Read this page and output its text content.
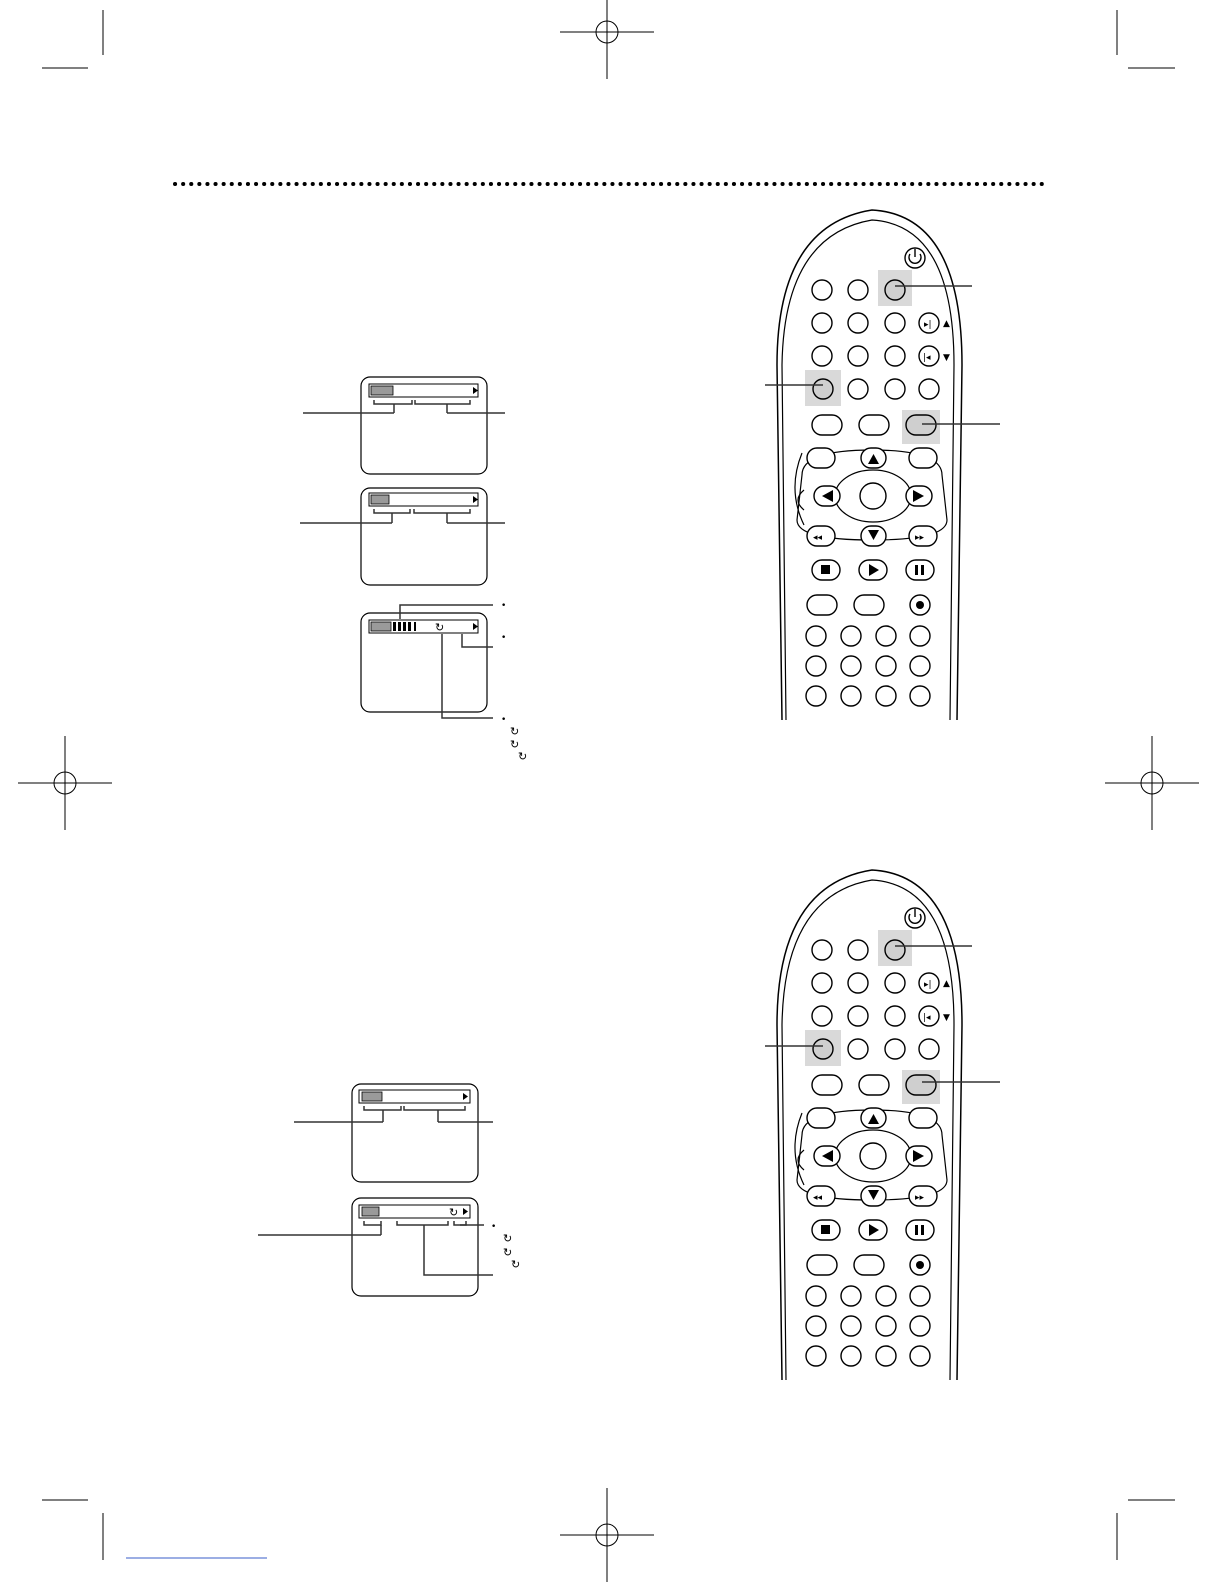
▸|	▲
|◂	▼
◂◂	▸▸
↻
•
•
•
↻
↻
↻
↻
•
↻
↻
↻
